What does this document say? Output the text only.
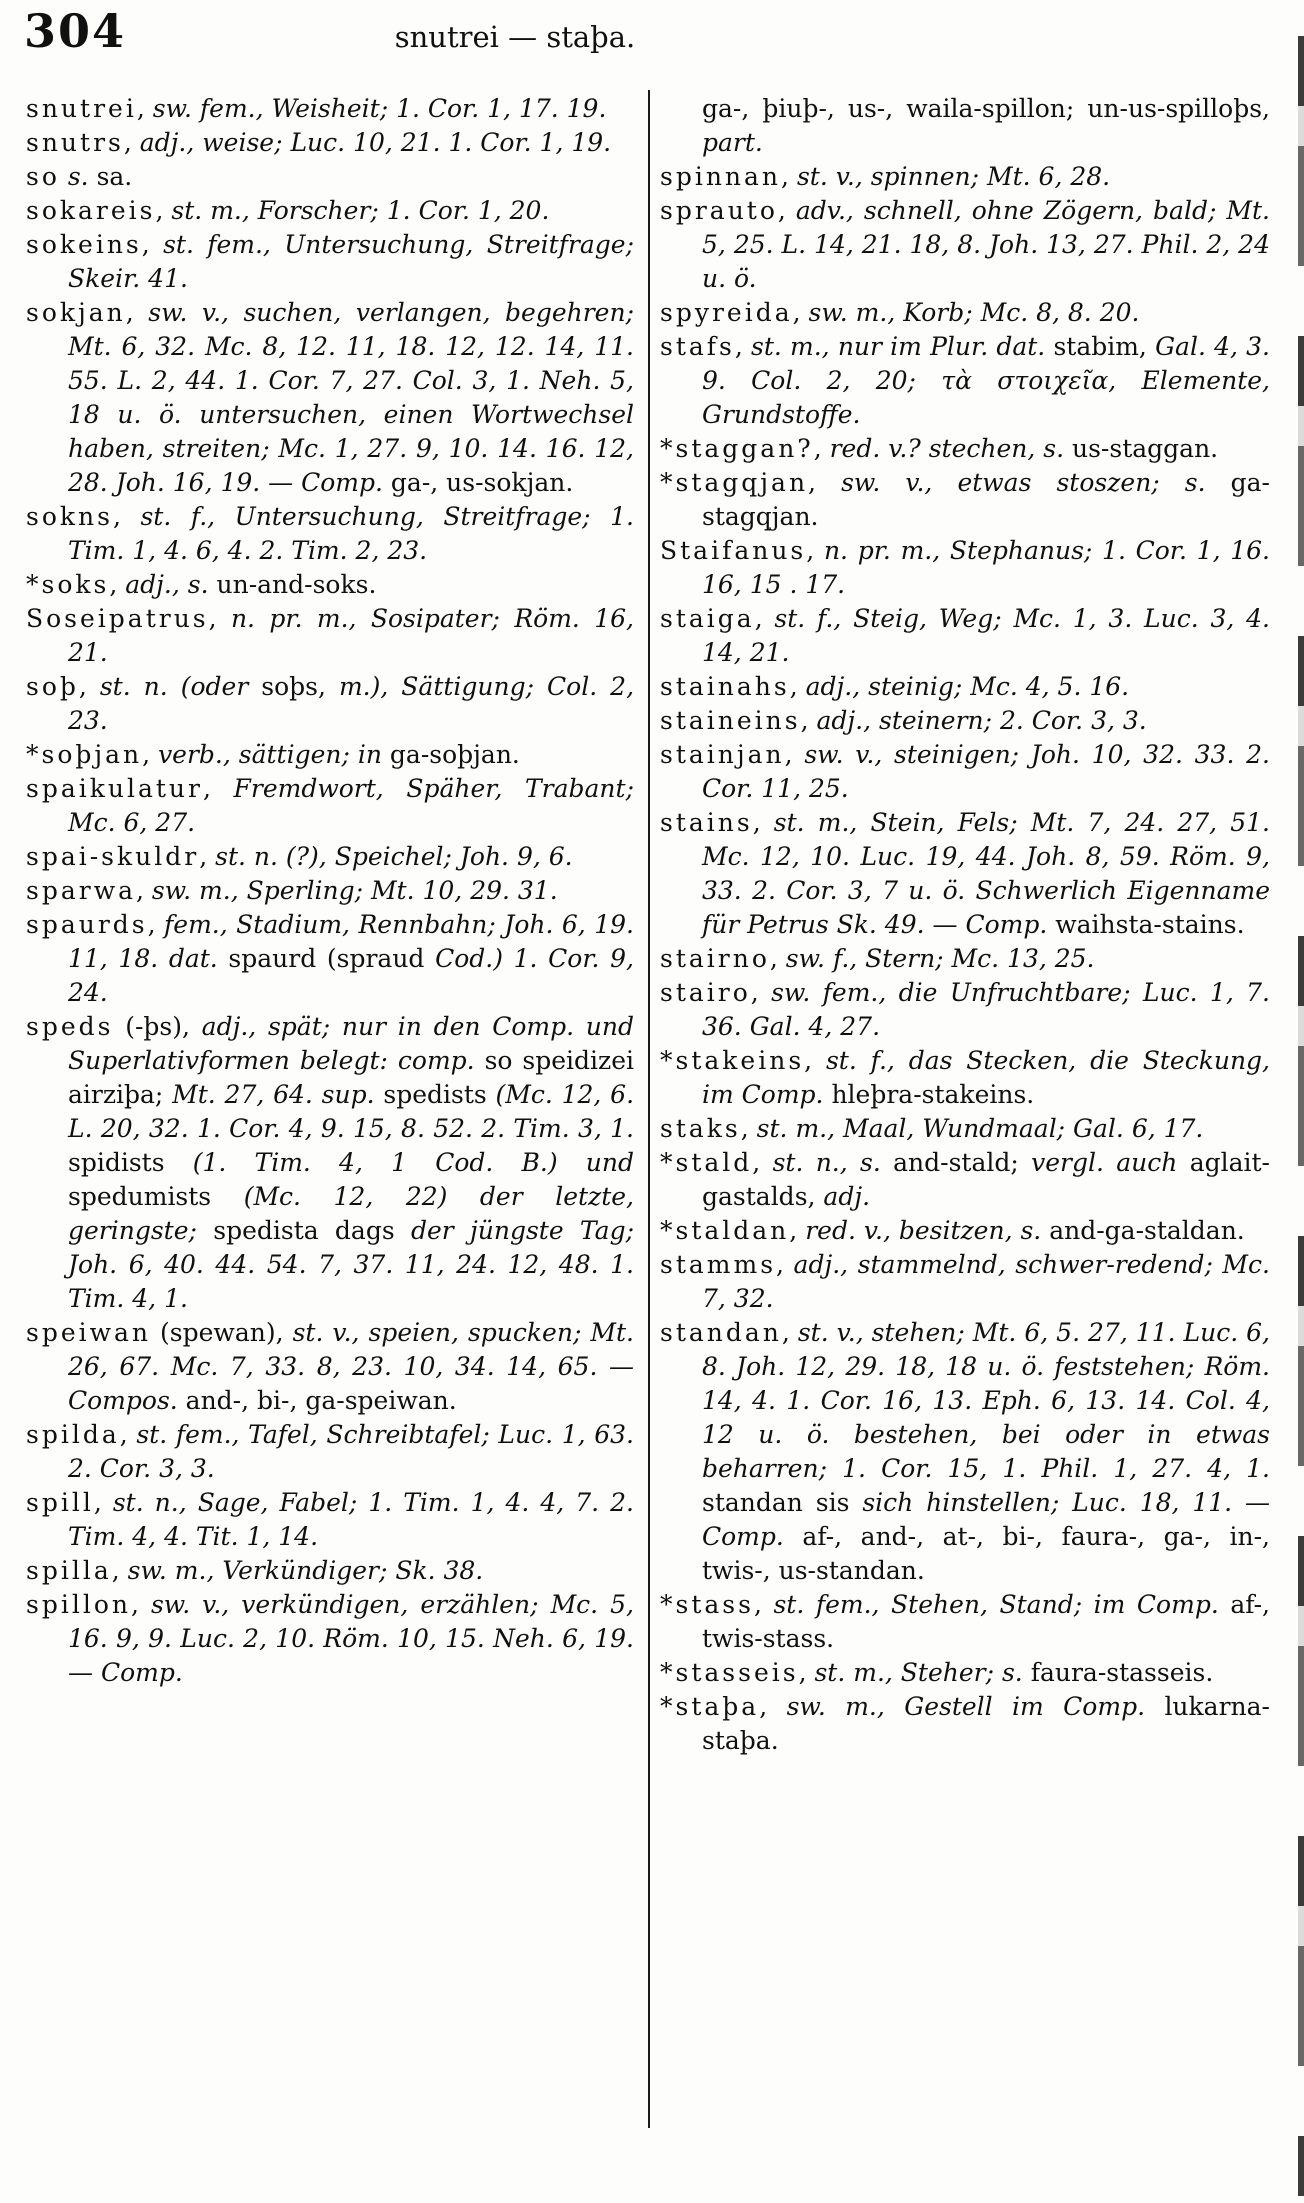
304	snutrei — staþa.
snutrei, sw. fem., Weisheit; 1. Cor. 1, 17. 19.
snutrs, adj., weise; Luc. 10, 21. 1. Cor. 1, 19.
so s. sa.
sokareis, st. m., Forscher; 1. Cor. 1, 20.
sokeins, st. fem., Untersuchung, Streitfrage; Skeir. 41.
sokjan, sw. v., suchen, verlangen, begehren; Mt. 6, 32. Mc. 8, 12. 11, 18. 12, 12. 14, 11. 55. L. 2, 44. 1. Cor. 7, 27. Col. 3, 1. Neh. 5, 18 u. ö. untersuchen, einen Wortwechsel haben, streiten; Mc. 1, 27. 9, 10. 14. 16. 12, 28. Joh. 16, 19. — Comp. ga-, us-sokjan.
sokns, st. f., Untersuchung, Streitfrage; 1. Tim. 1, 4. 6, 4. 2. Tim. 2, 23.
*soks, adj., s. un-and-soks.
Soseipatrus, n. pr. m., Sosipater; Röm. 16, 21.
soþ, st. n. (oder soþs, m.), Sättigung; Col. 2, 23.
*soþjan, verb., sättigen; in ga-soþjan.
spaikulatur, Fremdwort, Späher, Trabant; Mc. 6, 27.
spai-skuldr, st. n. (?), Speichel; Joh. 9, 6.
sparwa, sw. m., Sperling; Mt. 10, 29. 31.
spaurds, fem., Stadium, Rennbahn; Joh. 6, 19. 11, 18. dat. spaurd (spraud Cod.) 1. Cor. 9, 24.
speds (-þs), adj., spät; nur in den Comp. und Superlativformen belegt: comp. so speidizei airziþa; Mt. 27, 64. sup. spedists (Mc. 12, 6. L. 20, 32. 1. Cor. 4, 9. 15, 8. 52. 2. Tim. 3, 1. spidists (1. Tim. 4, 1 Cod. B.) und spedumists (Mc. 12, 22) der letzte, geringste; spedista dags der jüngste Tag; Joh. 6, 40. 44. 54. 7, 37. 11, 24. 12, 48. 1. Tim. 4, 1.
speiwan (spewan), st. v., speien, spucken; Mt. 26, 67. Mc. 7, 33. 8, 23. 10, 34. 14, 65. — Compos. and-, bi-, ga-speiwan.
spilda, st. fem., Tafel, Schreibtafel; Luc. 1, 63. 2. Cor. 3, 3.
spill, st. n., Sage, Fabel; 1. Tim. 1, 4. 4, 7. 2. Tim. 4, 4. Tit. 1, 14.
spilla, sw. m., Verkündiger; Sk. 38.
spillon, sw. v., verkündigen, erzählen; Mc. 5, 16. 9, 9. Luc. 2, 10. Röm. 10, 15. Neh. 6, 19. — Comp.
ga-, þiuþ-, us-, waila-spillon; un-us-spilloþs, part.
spinnan, st. v., spinnen; Mt. 6, 28.
sprauto, adv., schnell, ohne Zögern, bald; Mt. 5, 25. L. 14, 21. 18, 8. Joh. 13, 27. Phil. 2, 24 u. ö.
spyreida, sw. m., Korb; Mc. 8, 8. 20.
stafs, st. m., nur im Plur. dat. stabim, Gal. 4, 3. 9. Col. 2, 20; τὰ στοιχεῖα, Elemente, Grundstoffe.
*staggan?, red. v.? stechen, s. us-staggan.
*stagqjan, sw. v., etwas stoszen; s. ga-stagqjan.
Staifanus, n. pr. m., Stephanus; 1. Cor. 1, 16. 16, 15 . 17.
staiga, st. f., Steig, Weg; Mc. 1, 3. Luc. 3, 4. 14, 21.
stainahs, adj., steinig; Mc. 4, 5. 16.
staineins, adj., steinern; 2. Cor. 3, 3.
stainjan, sw. v., steinigen; Joh. 10, 32. 33. 2. Cor. 11, 25.
stains, st. m., Stein, Fels; Mt. 7, 24. 27, 51. Mc. 12, 10. Luc. 19, 44. Joh. 8, 59. Röm. 9, 33. 2. Cor. 3, 7 u. ö. Schwerlich Eigenname für Petrus Sk. 49. — Comp. waihsta-stains.
stairno, sw. f., Stern; Mc. 13, 25.
stairo, sw. fem., die Unfruchtbare; Luc. 1, 7. 36. Gal. 4, 27.
*stakeins, st. f., das Stecken, die Steckung, im Comp. hleþra-stakeins.
staks, st. m., Maal, Wundmaal; Gal. 6, 17.
*stald, st. n., s. and-stald; vergl. auch aglait-gastalds, adj.
*staldan, red. v., besitzen, s. and-ga-staldan.
stamms, adj., stammelnd, schwer-redend; Mc. 7, 32.
standan, st. v., stehen; Mt. 6, 5. 27, 11. Luc. 6, 8. Joh. 12, 29. 18, 18 u. ö. feststehen; Röm. 14, 4. 1. Cor. 16, 13. Eph. 6, 13. 14. Col. 4, 12 u. ö. bestehen, bei oder in etwas beharren; 1. Cor. 15, 1. Phil. 1, 27. 4, 1. standan sis sich hinstellen; Luc. 18, 11. — Comp. af-, and-, at-, bi-, faura-, ga-, in-, twis-, us-standan.
*stass, st. fem., Stehen, Stand; im Comp. af-, twis-stass.
*stasseis, st. m., Steher; s. faura-stasseis.
*staþa, sw. m., Gestell im Comp. lukarna-staþa.
